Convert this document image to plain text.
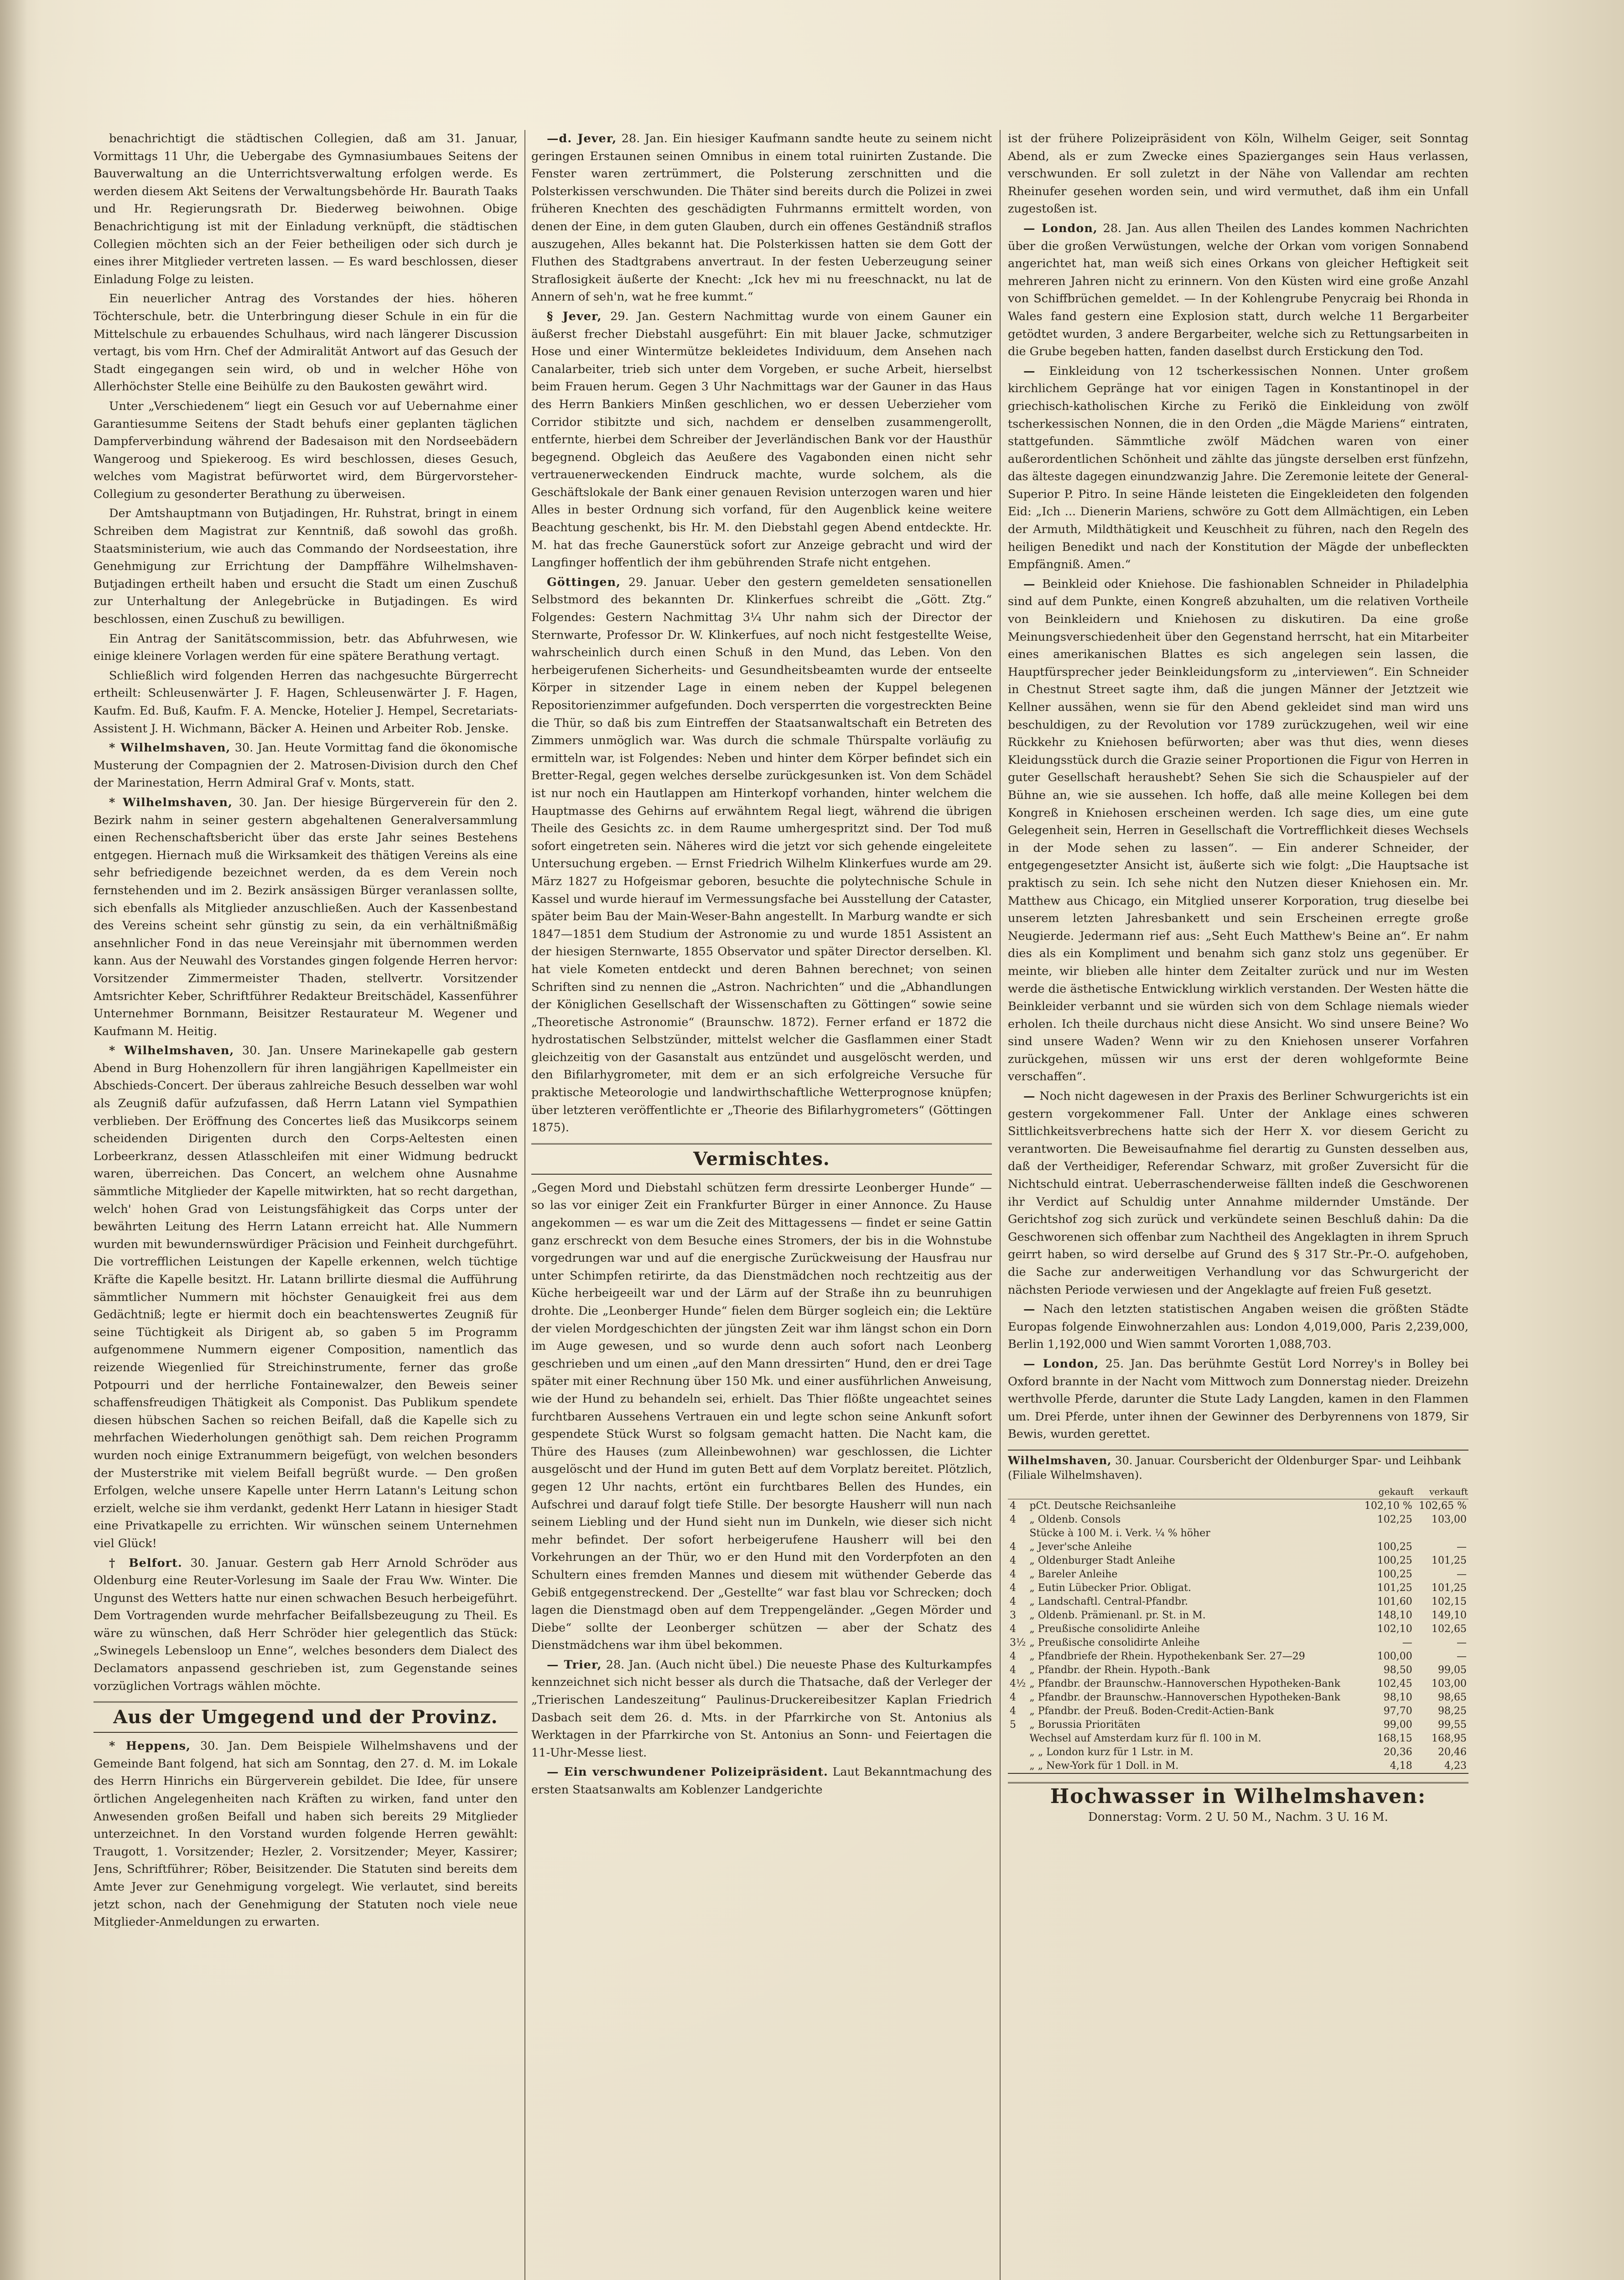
benachrichtigt die städtischen Collegien, daß am 31. Januar, Vormittags 11 Uhr, die Uebergabe des Gymnasiumbaues Seitens der Bauverwaltung an die Unterrichtsverwaltung erfolgen werde. Es werden diesem Akt Seitens der Verwaltungsbehörde Hr. Baurath Taaks und Hr. Regierungsrath Dr. Biederweg beiwohnen. Obige Benachrichtigung ist mit der Einladung verknüpft, die städtischen Collegien möchten sich an der Feier betheiligen oder sich durch je eines ihrer Mitglieder vertreten lassen. — Es ward beschlossen, dieser Einladung Folge zu leisten.

Ein neuerlicher Antrag des Vorstandes der hies. höheren Töchterschule, betr. die Unterbringung dieser Schule in ein für die Mittelschule zu erbauendes Schulhaus, wird nach längerer Discussion vertagt, bis vom Hrn. Chef der Admiralität Antwort auf das Gesuch der Stadt eingegangen sein wird, ob und in welcher Höhe von Allerhöchster Stelle eine Beihülfe zu den Baukosten gewährt wird.

Unter „Verschiedenem“ liegt ein Gesuch vor auf Uebernahme einer Garantiesumme Seitens der Stadt behufs einer geplanten täglichen Dampferverbindung während der Badesaison mit den Nordseebädern Wangeroog und Spiekeroog. Es wird beschlossen, dieses Gesuch, welches vom Magistrat befürwortet wird, dem Bürgervorsteher-Collegium zu gesonderter Berathung zu überweisen.

Der Amtshauptmann von Butjadingen, Hr. Ruhstrat, bringt in einem Schreiben dem Magistrat zur Kenntniß, daß sowohl das großh. Staatsministerium, wie auch das Commando der Nordseestation, ihre Genehmigung zur Errichtung der Dampffähre Wilhelmshaven-Butjadingen ertheilt haben und ersucht die Stadt um einen Zuschuß zur Unterhaltung der Anlegebrücke in Butjadingen. Es wird beschlossen, einen Zuschuß zu bewilligen.

Ein Antrag der Sanitätscommission, betr. das Abfuhrwesen, wie einige kleinere Vorlagen werden für eine spätere Berathung vertagt.

Schließlich wird folgenden Herren das nachgesuchte Bürgerrecht ertheilt: Schleusenwärter J. F. Hagen, Schleusenwärter J. F. Hagen, Kaufm. Ed. Buß, Kaufm. F. A. Mencke, Hotelier J. Hempel, Secretariats-Assistent J. H. Wichmann, Bäcker A. Heinen und Arbeiter Rob. Jenske.

* Wilhelmshaven, 30. Jan. Heute Vormittag fand die ökonomische Musterung der Compagnien der 2. Matrosen-Division durch den Chef der Marinestation, Herrn Admiral Graf v. Monts, statt.

* Wilhelmshaven, 30. Jan. Der hiesige Bürgerverein für den 2. Bezirk nahm in seiner gestern abgehaltenen Generalversammlung einen Rechenschaftsbericht über das erste Jahr seines Bestehens entgegen. Hiernach muß die Wirksamkeit des thätigen Vereins als eine sehr befriedigende bezeichnet werden, da es dem Verein noch fernstehenden und im 2. Bezirk ansässigen Bürger veranlassen sollte, sich ebenfalls als Mitglieder anzuschließen. Auch der Kassenbestand des Vereins scheint sehr günstig zu sein, da ein verhältnißmäßig ansehnlicher Fond in das neue Vereinsjahr mit übernommen werden kann. Aus der Neuwahl des Vorstandes gingen folgende Herren hervor: Vorsitzender Zimmermeister Thaden, stellvertr. Vorsitzender Amtsrichter Keber, Schriftführer Redakteur Breitschädel, Kassenführer Unternehmer Bornmann, Beisitzer Restaurateur M. Wegener und Kaufmann M. Heitig.

* Wilhelmshaven, 30. Jan. Unsere Marinekapelle gab gestern Abend in Burg Hohenzollern für ihren langjährigen Kapellmeister ein Abschieds-Concert. Der überaus zahlreiche Besuch desselben war wohl als Zeugniß dafür aufzufassen, daß Herrn Latann viel Sympathien verblieben. Der Eröffnung des Concertes ließ das Musikcorps seinem scheidenden Dirigenten durch den Corps-Aeltesten einen Lorbeerkranz, dessen Atlasschleifen mit einer Widmung bedruckt waren, überreichen. Das Concert, an welchem ohne Ausnahme sämmtliche Mitglieder der Kapelle mitwirkten, hat so recht dargethan, welch' hohen Grad von Leistungsfähigkeit das Corps unter der bewährten Leitung des Herrn Latann erreicht hat. Alle Nummern wurden mit bewundernswürdiger Präcision und Feinheit durchgeführt. Die vortrefflichen Leistungen der Kapelle erkennen, welch tüchtige Kräfte die Kapelle besitzt. Hr. Latann brillirte diesmal die Aufführung sämmtlicher Nummern mit höchster Genauigkeit frei aus dem Gedächtniß; legte er hiermit doch ein beachtenswertes Zeugniß für seine Tüchtigkeit als Dirigent ab, so gaben 5 im Programm aufgenommene Nummern eigener Composition, namentlich das reizende Wiegenlied für Streichinstrumente, ferner das große Potpourri und der herrliche Fontainewalzer, den Beweis seiner schaffensfreudigen Thätigkeit als Componist. Das Publikum spendete diesen hübschen Sachen so reichen Beifall, daß die Kapelle sich zu mehrfachen Wiederholungen genöthigt sah. Dem reichen Programm wurden noch einige Extranummern beigefügt, von welchen besonders der Musterstrike mit vielem Beifall begrüßt wurde. — Den großen Erfolgen, welche unsere Kapelle unter Herrn Latann's Leitung schon erzielt, welche sie ihm verdankt, gedenkt Herr Latann in hiesiger Stadt eine Privatkapelle zu errichten. Wir wünschen seinem Unternehmen viel Glück!

† Belfort. 30. Januar. Gestern gab Herr Arnold Schröder aus Oldenburg eine Reuter-Vorlesung im Saale der Frau Ww. Winter. Die Ungunst des Wetters hatte nur einen schwachen Besuch herbeigeführt. Dem Vortragenden wurde mehrfacher Beifallsbezeugung zu Theil. Es wäre zu wünschen, daß Herr Schröder hier gelegentlich das Stück: „Swinegels Lebensloop un Enne“, welches besonders dem Dialect des Declamators anpassend geschrieben ist, zum Gegenstande seines vorzüglichen Vortrags wählen möchte.

Aus der Umgegend und der Provinz.

* Heppens, 30. Jan. Dem Beispiele Wilhelmshavens und der Gemeinde Bant folgend, hat sich am Sonntag, den 27. d. M. im Lokale des Herrn Hinrichs ein Bürgerverein gebildet. Die Idee, für unsere örtlichen Angelegenheiten nach Kräften zu wirken, fand unter den Anwesenden großen Beifall und haben sich bereits 29 Mitglieder unterzeichnet. In den Vorstand wurden folgende Herren gewählt: Traugott, 1. Vorsitzender; Hezler, 2. Vorsitzender; Meyer, Kassirer; Jens, Schriftführer; Röber, Beisitzender. Die Statuten sind bereits dem Amte Jever zur Genehmigung vorgelegt. Wie verlautet, sind bereits jetzt schon, nach der Genehmigung der Statuten noch viele neue Mitglieder-Anmeldungen zu erwarten.

—d. Jever, 28. Jan. Ein hiesiger Kaufmann sandte heute zu seinem nicht geringen Erstaunen seinen Omnibus in einem total ruinirten Zustande. Die Fenster waren zertrümmert, die Polsterung zerschnitten und die Polsterkissen verschwunden. Die Thäter sind bereits durch die Polizei in zwei früheren Knechten des geschädigten Fuhrmanns ermittelt worden, von denen der Eine, in dem guten Glauben, durch ein offenes Geständniß straflos auszugehen, Alles bekannt hat. Die Polsterkissen hatten sie dem Gott der Fluthen des Stadtgrabens anvertraut. In der festen Ueberzeugung seiner Straflosigkeit äußerte der Knecht: „Ick hev mi nu freeschnackt, nu lat de Annern of seh'n, wat he free kummt.“

§ Jever, 29. Jan. Gestern Nachmittag wurde von einem Gauner ein äußerst frecher Diebstahl ausgeführt: Ein mit blauer Jacke, schmutziger Hose und einer Wintermütze bekleidetes Individuum, dem Ansehen nach Canalarbeiter, trieb sich unter dem Vorgeben, er suche Arbeit, hierselbst beim Frauen herum. Gegen 3 Uhr Nachmittags war der Gauner in das Haus des Herrn Bankiers Minßen geschlichen, wo er dessen Ueberzieher vom Corridor stibitzte und sich, nachdem er denselben zusammengerollt, entfernte, hierbei dem Schreiber der Jeverländischen Bank vor der Hausthür begegnend. Obgleich das Aeußere des Vagabonden einen nicht sehr vertrauenerweckenden Eindruck machte, wurde solchem, als die Geschäftslokale der Bank einer genauen Revision unterzogen waren und hier Alles in bester Ordnung sich vorfand, für den Augenblick keine weitere Beachtung geschenkt, bis Hr. M. den Diebstahl gegen Abend entdeckte. Hr. M. hat das freche Gaunerstück sofort zur Anzeige gebracht und wird der Langfinger hoffentlich der ihm gebührenden Strafe nicht entgehen.

Göttingen, 29. Januar. Ueber den gestern gemeldeten sensationellen Selbstmord des bekannten Dr. Klinkerfues schreibt die „Gött. Ztg.“ Folgendes: Gestern Nachmittag 3¼ Uhr nahm sich der Director der Sternwarte, Professor Dr. W. Klinkerfues, auf noch nicht festgestellte Weise, wahrscheinlich durch einen Schuß in den Mund, das Leben. Von den herbeigerufenen Sicherheits- und Gesundheitsbeamten wurde der entseelte Körper in sitzender Lage in einem neben der Kuppel belegenen Repositorienzimmer aufgefunden. Doch versperrten die vorgestreckten Beine die Thür, so daß bis zum Eintreffen der Staatsanwaltschaft ein Betreten des Zimmers unmöglich war. Was durch die schmale Thürspalte vorläufig zu ermitteln war, ist Folgendes: Neben und hinter dem Körper befindet sich ein Bretter-Regal, gegen welches derselbe zurückgesunken ist. Von dem Schädel ist nur noch ein Hautlappen am Hinterkopf vorhanden, hinter welchem die Hauptmasse des Gehirns auf erwähntem Regal liegt, während die übrigen Theile des Gesichts zc. in dem Raume umhergespritzt sind. Der Tod muß sofort eingetreten sein. Näheres wird die jetzt vor sich gehende eingeleitete Untersuchung ergeben. — Ernst Friedrich Wilhelm Klinkerfues wurde am 29. März 1827 zu Hofgeismar geboren, besuchte die polytechnische Schule in Kassel und wurde hierauf im Vermessungsfache bei Ausstellung der Cataster, später beim Bau der Main-Weser-Bahn angestellt. In Marburg wandte er sich 1847—1851 dem Studium der Astronomie zu und wurde 1851 Assistent an der hiesigen Sternwarte, 1855 Observator und später Director derselben. Kl. hat viele Kometen entdeckt und deren Bahnen berechnet; von seinen Schriften sind zu nennen die „Astron. Nachrichten“ und die „Abhandlungen der Königlichen Gesellschaft der Wissenschaften zu Göttingen“ sowie seine „Theoretische Astronomie“ (Braunschw. 1872). Ferner erfand er 1872 die hydrostatischen Selbstzünder, mittelst welcher die Gasflammen einer Stadt gleichzeitig von der Gasanstalt aus entzündet und ausgelöscht werden, und den Bifilarhygrometer, mit dem er an sich erfolgreiche Versuche für praktische Meteorologie und landwirthschaftliche Wetterprognose knüpfen; über letzteren veröffentlichte er „Theorie des Bifilarhygrometers“ (Göttingen 1875).

Vermischtes.

„Gegen Mord und Diebstahl schützen ferm dressirte Leonberger Hunde“ — so las vor einiger Zeit ein Frankfurter Bürger in einer Annonce. Zu Hause angekommen — es war um die Zeit des Mittagessens — findet er seine Gattin ganz erschreckt von dem Besuche eines Stromers, der bis in die Wohnstube vorgedrungen war und auf die energische Zurückweisung der Hausfrau nur unter Schimpfen retirirte, da das Dienstmädchen noch rechtzeitig aus der Küche herbeigeeilt war und der Lärm auf der Straße ihn zu beunruhigen drohte. Die „Leonberger Hunde“ fielen dem Bürger sogleich ein; die Lektüre der vielen Mordgeschichten der jüngsten Zeit war ihm längst schon ein Dorn im Auge gewesen, und so wurde denn auch sofort nach Leonberg geschrieben und um einen „auf den Mann dressirten“ Hund, den er drei Tage später mit einer Rechnung über 150 Mk. und einer ausführlichen Anweisung, wie der Hund zu behandeln sei, erhielt. Das Thier flößte ungeachtet seines furchtbaren Aussehens Vertrauen ein und legte schon seine Ankunft sofort gespendete Stück Wurst so folgsam gemacht hatten. Die Nacht kam, die Thüre des Hauses (zum Alleinbewohnen) war geschlossen, die Lichter ausgelöscht und der Hund im guten Bett auf dem Vorplatz bereitet. Plötzlich, gegen 12 Uhr nachts, ertönt ein furchtbares Bellen des Hundes, ein Aufschrei und darauf folgt tiefe Stille. Der besorgte Hausherr will nun nach seinem Liebling und der Hund sieht nun im Dunkeln, wie dieser sich nicht mehr befindet. Der sofort herbeigerufene Hausherr will bei den Vorkehrungen an der Thür, wo er den Hund mit den Vorderpfoten an den Schultern eines fremden Mannes und diesem mit wüthender Geberde das Gebiß entgegenstreckend. Der „Gestellte“ war fast blau vor Schrecken; doch lagen die Dienstmagd oben auf dem Treppengeländer. „Gegen Mörder und Diebe“ sollte der Leonberger schützen — aber der Schatz des Dienstmädchens war ihm übel bekommen.

— Trier, 28. Jan. (Auch nicht übel.) Die neueste Phase des Kulturkampfes kennzeichnet sich nicht besser als durch die Thatsache, daß der Verleger der „Trierischen Landeszeitung“ Paulinus-Druckereibesitzer Kaplan Friedrich Dasbach seit dem 26. d. Mts. in der Pfarrkirche von St. Antonius als Werktagen in der Pfarrkirche von St. Antonius an Sonn- und Feiertagen die 11-Uhr-Messe liest.

— Ein verschwundener Polizeipräsident. Laut Bekanntmachung des ersten Staatsanwalts am Koblenzer Landgerichte

ist der frühere Polizeipräsident von Köln, Wilhelm Geiger, seit Sonntag Abend, als er zum Zwecke eines Spazierganges sein Haus verlassen, verschwunden. Er soll zuletzt in der Nähe von Vallendar am rechten Rheinufer gesehen worden sein, und wird vermuthet, daß ihm ein Unfall zugestoßen ist.

— London, 28. Jan. Aus allen Theilen des Landes kommen Nachrichten über die großen Verwüstungen, welche der Orkan vom vorigen Sonnabend angerichtet hat, man weiß sich eines Orkans von gleicher Heftigkeit seit mehreren Jahren nicht zu erinnern. Von den Küsten wird eine große Anzahl von Schiffbrüchen gemeldet. — In der Kohlengrube Penycraig bei Rhonda in Wales fand gestern eine Explosion statt, durch welche 11 Bergarbeiter getödtet wurden, 3 andere Bergarbeiter, welche sich zu Rettungsarbeiten in die Grube begeben hatten, fanden daselbst durch Erstickung den Tod.

— Einkleidung von 12 tscherkessischen Nonnen. Unter großem kirchlichem Gepränge hat vor einigen Tagen in Konstantinopel in der griechisch-katholischen Kirche zu Ferikö die Einkleidung von zwölf tscherkessischen Nonnen, die in den Orden „die Mägde Mariens“ eintraten, stattgefunden. Sämmtliche zwölf Mädchen waren von einer außerordentlichen Schönheit und zählte das jüngste derselben erst fünfzehn, das älteste dagegen einundzwanzig Jahre. Die Zeremonie leitete der General-Superior P. Pitro. In seine Hände leisteten die Eingekleideten den folgenden Eid: „Ich ... Dienerin Mariens, schwöre zu Gott dem Allmächtigen, ein Leben der Armuth, Mildthätigkeit und Keuschheit zu führen, nach den Regeln des heiligen Benedikt und nach der Konstitution der Mägde der unbefleckten Empfängniß. Amen.“

— Beinkleid oder Kniehose. Die fashionablen Schneider in Philadelphia sind auf dem Punkte, einen Kongreß abzuhalten, um die relativen Vortheile von Beinkleidern und Kniehosen zu diskutiren. Da eine große Meinungsverschiedenheit über den Gegenstand herrscht, hat ein Mitarbeiter eines amerikanischen Blattes es sich angelegen sein lassen, die Hauptfürsprecher jeder Beinkleidungsform zu „interviewen“. Ein Schneider in Chestnut Street sagte ihm, daß die jungen Männer der Jetztzeit wie Kellner aussähen, wenn sie für den Abend gekleidet sind man wird uns beschuldigen, zu der Revolution vor 1789 zurückzugehen, weil wir eine Rückkehr zu Kniehosen befürworten; aber was thut dies, wenn dieses Kleidungsstück durch die Grazie seiner Proportionen die Figur von Herren in guter Gesellschaft heraushebt? Sehen Sie sich die Schauspieler auf der Bühne an, wie sie aussehen. Ich hoffe, daß alle meine Kollegen bei dem Kongreß in Kniehosen erscheinen werden. Ich sage dies, um eine gute Gelegenheit sein, Herren in Gesellschaft die Vortrefflichkeit dieses Wechsels in der Mode sehen zu lassen“. — Ein anderer Schneider, der entgegengesetzter Ansicht ist, äußerte sich wie folgt: „Die Hauptsache ist praktisch zu sein. Ich sehe nicht den Nutzen dieser Kniehosen ein. Mr. Matthew aus Chicago, ein Mitglied unserer Korporation, trug dieselbe bei unserem letzten Jahresbankett und sein Erscheinen erregte große Neugierde. Jedermann rief aus: „Seht Euch Matthew's Beine an“. Er nahm dies als ein Kompliment und benahm sich ganz stolz uns gegenüber. Er meinte, wir blieben alle hinter dem Zeitalter zurück und nur im Westen werde die ästhetische Entwicklung wirklich verstanden. Der Westen hätte die Beinkleider verbannt und sie würden sich von dem Schlage niemals wieder erholen. Ich theile durchaus nicht diese Ansicht. Wo sind unsere Beine? Wo sind unsere Waden? Wenn wir zu den Kniehosen unserer Vorfahren zurückgehen, müssen wir uns erst der deren wohlgeformte Beine verschaffen“.

— Noch nicht dagewesen in der Praxis des Berliner Schwurgerichts ist ein gestern vorgekommener Fall. Unter der Anklage eines schweren Sittlichkeitsverbrechens hatte sich der Herr X. vor diesem Gericht zu verantworten. Die Beweisaufnahme fiel derartig zu Gunsten desselben aus, daß der Vertheidiger, Referendar Schwarz, mit großer Zuversicht für die Nichtschuld eintrat. Ueberraschenderweise fällten indeß die Geschworenen ihr Verdict auf Schuldig unter Annahme mildernder Umstände. Der Gerichtshof zog sich zurück und verkündete seinen Beschluß dahin: Da die Geschworenen sich offenbar zum Nachtheil des Angeklagten in ihrem Spruch geirrt haben, so wird derselbe auf Grund des § 317 Str.-Pr.-O. aufgehoben, die Sache zur anderweitigen Verhandlung vor das Schwurgericht der nächsten Periode verwiesen und der Angeklagte auf freien Fuß gesetzt.

— Nach den letzten statistischen Angaben weisen die größten Städte Europas folgende Einwohnerzahlen aus: London 4,019,000, Paris 2,239,000, Berlin 1,192,000 und Wien sammt Vororten 1,088,703.

— London, 25. Jan. Das berühmte Gestüt Lord Norrey's in Bolley bei Oxford brannte in der Nacht vom Mittwoch zum Donnerstag nieder. Dreizehn werthvolle Pferde, darunter die Stute Lady Langden, kamen in den Flammen um. Drei Pferde, unter ihnen der Gewinner des Derbyrennens von 1879, Sir Bewis, wurden gerettet.

Wilhelmshaven, 30. Januar. Coursbericht der Oldenburger Spar- und Leihbank (Filiale Wilhelmshaven).
		gekauft	verkauft
4	pCt. Deutsche Reichsanleihe	102,10 %	102,65 %
4	„ Oldenb. Consols	102,25	103,00
	Stücke à 100 M. i. Verk. ¼ % höher		
4	„ Jever'sche Anleihe	100,25	—
4	„ Oldenburger Stadt Anleihe	100,25	101,25
4	„ Bareler Anleihe	100,25	—
4	„ Eutin Lübecker Prior. Obligat.	101,25	101,25
4	„ Landschaftl. Central-Pfandbr.	101,60	102,15
3	„ Oldenb. Prämienanl. pr. St. in M.	148,10	149,10
4	„ Preußische consolidirte Anleihe	102,10	102,65
3½	„ Preußische consolidirte Anleihe	—	—
4	„ Pfandbriefe der Rhein. Hypothekenbank Ser. 27—29	100,00	—
4	„ Pfandbr. der Rhein. Hypoth.-Bank	98,50	99,05
4½	„ Pfandbr. der Braunschw.-Hannoverschen Hypotheken-Bank	102,45	103,00
4	„ Pfandbr. der Braunschw.-Hannoverschen Hypotheken-Bank	98,10	98,65
4	„ Pfandbr. der Preuß. Boden-Credit-Actien-Bank	97,70	98,25
5	„ Borussia Prioritäten	99,00	99,55
	Wechsel auf Amsterdam kurz für fl. 100 in M.	168,15	168,95
	„ „ London kurz für 1 Lstr. in M.	20,36	20,46
	„ „ New-York für 1 Doll. in M.	4,18	4,23
Hochwasser in Wilhelmshaven:
Donnerstag: Vorm. 2 U. 50 M., Nachm. 3 U. 16 M.
